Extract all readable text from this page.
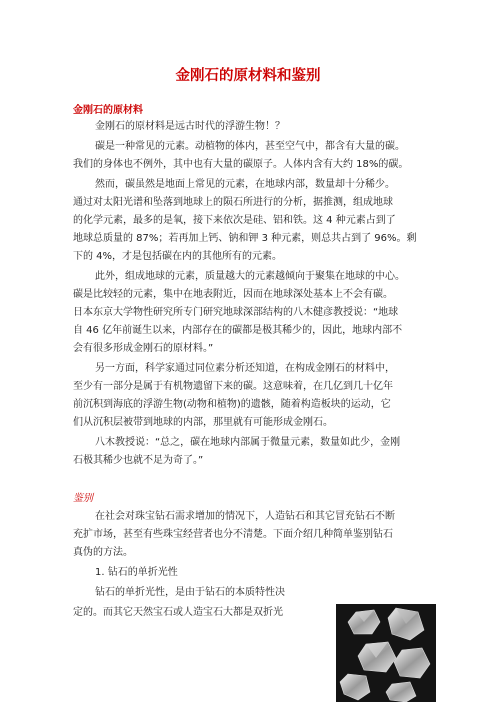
金刚石的原材料和鉴别
金刚石的原材料
金刚石的原材料是远古时代的浮游生物！？
碳是一种常见的元素。动植物的体内，甚至空气中，都含有大量的碳。
我们的身体也不例外，其中也有大量的碳原子。人体内含有大约 18%的碳。
然而，碳虽然是地面上常见的元素，在地球内部，数量却十分稀少。
通过对太阳光谱和坠落到地球上的陨石所进行的分析，据推测，组成地球
的化学元素，最多的是氧，接下来依次是硅、铝和铁。这 4 种元素占到了
地球总质量的 87%；若再加上钙、钠和钾 3 种元素，则总共占到了 96%。剩
下的 4%，才是包括碳在内的其他所有的元素。
此外，组成地球的元素，质量越大的元素越倾向于聚集在地球的中心。
碳是比较轻的元素，集中在地表附近，因而在地球深处基本上不会有碳。
日本东京大学物性研究所专门研究地球深部结构的八木健彦教授说：“地球
自 46 亿年前诞生以来，内部存在的碳都是极其稀少的，因此，地球内部不
会有很多形成金刚石的原材料。”
另一方面，科学家通过同位素分析还知道，在构成金刚石的材料中，
至少有一部分是属于有机物遗留下来的碳。这意味着，在几亿到几十亿年
前沉积到海底的浮游生物(动物和植物)的遗骸，随着构造板块的运动，它
们从沉积层被带到地球的内部，那里就有可能形成金刚石。
八木教授说：“总之，碳在地球内部属于微量元素，数量如此少，金刚
石极其稀少也就不足为奇了。”
鉴别
在社会对珠宝钻石需求增加的情况下，人造钻石和其它冒充钻石不断
充扩市场，甚至有些珠宝经营者也分不清楚。下面介绍几种简单鉴别钻石
真伪的方法。
1. 钻石的单折光性
钻石的单折光性，是由于钻石的本质特性决
定的。而其它天然宝石或人造宝石大都是双折光
